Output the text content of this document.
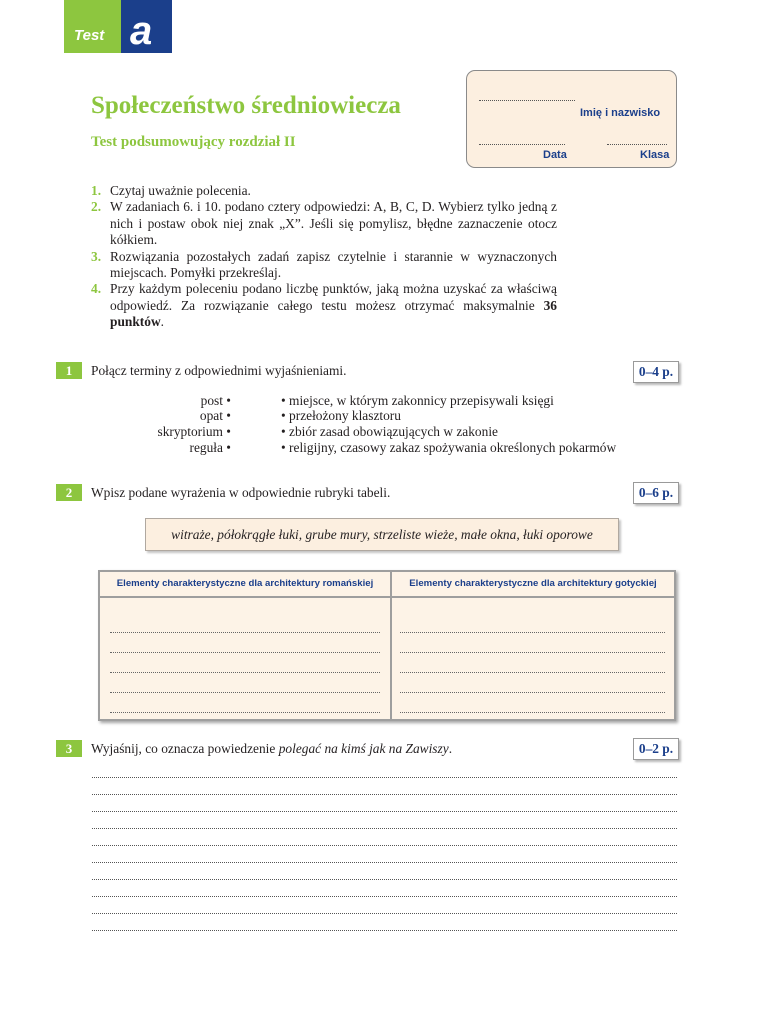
Test a
Społeczeństwo średniowiecza
Test podsumowujący rozdział II
Imię i nazwisko
Data	Klasa
1. Czytaj uważnie polecenia.
2. W zadaniach 6. i 10. podano cztery odpowiedzi: A, B, C, D. Wybierz tylko jedną z nich i postaw obok niej znak „X”. Jeśli się pomylisz, błędne zaznaczenie otocz kółkiem.
3. Rozwiązania pozostałych zadań zapisz czytelnie i starannie w wyznaczonych miejscach. Pomyłki przekreślaj.
4. Przy każdym poleceniu podano liczbę punktów, jaką można uzyskać za właściwą odpowiedź. Za rozwiązanie całego testu możesz otrzymać maksymalnie 36 punktów.
1	Połącz terminy z odpowiednimi wyjaśnieniami.	0–4 p.
post •
opat •
skryptorium •
reguła •
• miejsce, w którym zakonnicy przepisywali księgi
• przełożony klasztoru
• zbiór zasad obowiązujących w zakonie
• religijny, czasowy zakaz spożywania określonych pokarmów
2	Wpisz podane wyrażenia w odpowiednie rubryki tabeli.	0–6 p.
witraże, półokrągłe łuki, grube mury, strzeliste wieże, małe okna, łuki oporowe
Elementy charakterystyczne dla architektury romańskiej	Elementy charakterystyczne dla architektury gotyckiej
3	Wyjaśnij, co oznacza powiedzenie polegać na kimś jak na Zawiszy.	0–2 p.
